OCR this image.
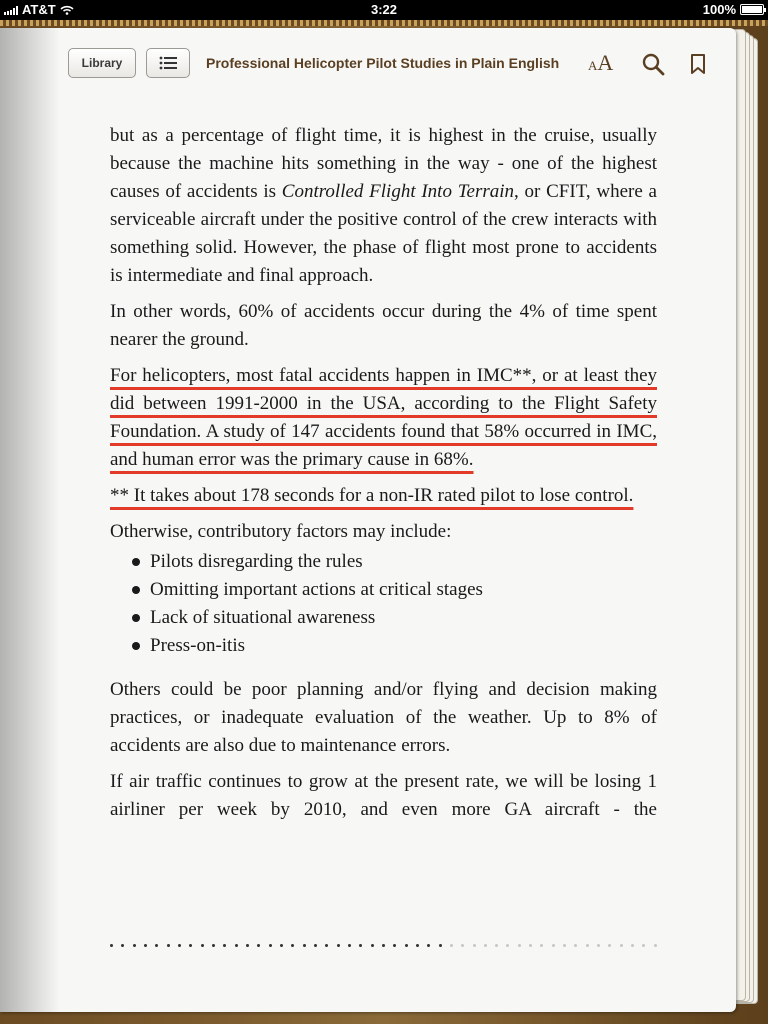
AT&T	3:22	100%
Library	Professional Helicopter Pilot Studies in Plain English AA

but as a percentage of flight time, it is highest in the cruise, usually because the machine hits something in the way - one of the highest causes of accidents is Controlled Flight Into Terrain, or CFIT, where a serviceable aircraft under the positive control of the crew interacts with something solid. However, the phase of flight most prone to accidents is intermediate and final approach.

In other words, 60% of accidents occur during the 4% of time spent nearer the ground.

For helicopters, most fatal accidents happen in IMC**, or at least they did between 1991-2000 in the USA, according to the Flight Safety Foundation. A study of 147 accidents found that 58% occurred in IMC, and human error was the primary cause in 68%.

** It takes about 178 seconds for a non-IR rated pilot to lose control.

Otherwise, contributory factors may include:

Pilots disregarding the rules
Omitting important actions at critical stages
Lack of situational awareness
Press-on-itis

Others could be poor planning and/or flying and decision making practices, or inadequate evaluation of the weather. Up to 8% of accidents are also due to maintenance errors.

If air traffic continues to grow at the present rate, we will be losing 1 airliner per week by 2010, and even more GA aircraft - the
